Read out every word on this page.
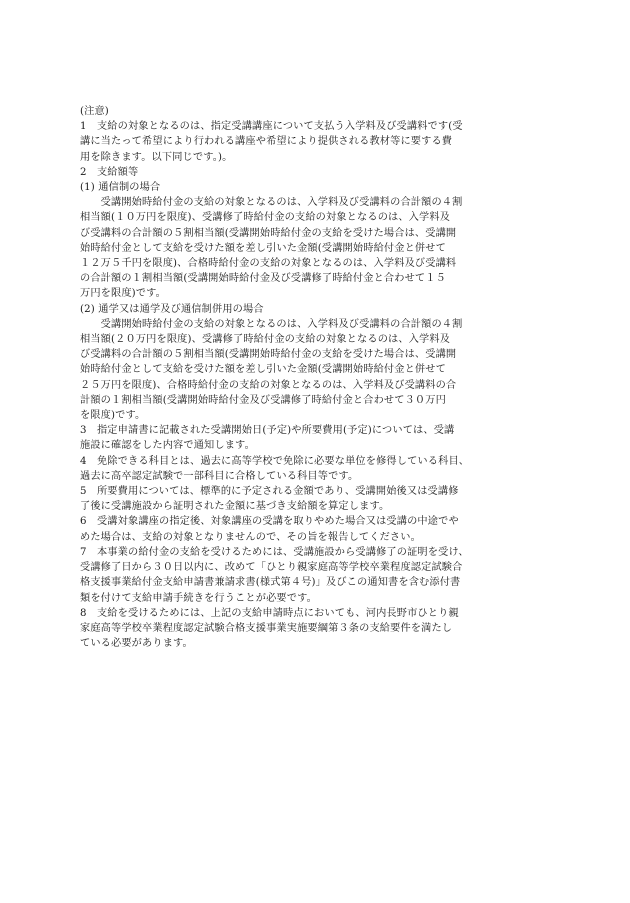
(注意)
1　支給の対象となるのは、指定受講講座について支払う入学料及び受講料です(受
講に当たって希望により行われる講座や希望により提供される教材等に要する費
用を除きます。以下同じです。)。
2　支給額等
(1) 通信制の場合
　　受講開始時給付金の支給の対象となるのは、入学料及び受講料の合計額の４割
相当額(１０万円を限度)、受講修了時給付金の支給の対象となるのは、入学料及
び受講料の合計額の５割相当額(受講開始時給付金の支給を受けた場合は、受講開
始時給付金として支給を受けた額を差し引いた金額(受講開始時給付金と併せて
１２万５千円を限度)、合格時給付金の支給の対象となるのは、入学料及び受講料
の合計額の１割相当額(受講開始時給付金及び受講修了時給付金と合わせて１５
万円を限度)です。
(2) 通学又は通学及び通信制併用の場合
　　受講開始時給付金の支給の対象となるのは、入学料及び受講料の合計額の４割
相当額(２０万円を限度)、受講修了時給付金の支給の対象となるのは、入学料及
び受講料の合計額の５割相当額(受講開始時給付金の支給を受けた場合は、受講開
始時給付金として支給を受けた額を差し引いた金額(受講開始時給付金と併せて
２５万円を限度)、合格時給付金の支給の対象となるのは、入学料及び受講料の合
計額の１割相当額(受講開始時給付金及び受講修了時給付金と合わせて３０万円
を限度)です。
3　指定申請書に記載された受講開始日(予定)や所要費用(予定)については、受講
施設に確認をした内容で通知します。
4　免除できる科目とは、過去に高等学校で免除に必要な単位を修得している科目、
過去に高卒認定試験で一部科目に合格している科目等です。
5　所要費用については、標準的に予定される金額であり、受講開始後又は受講修
了後に受講施設から証明された金額に基づき支給額を算定します。
6　受講対象講座の指定後、対象講座の受講を取りやめた場合又は受講の中途でや
めた場合は、支給の対象となりませんので、その旨を報告してください。
7　本事業の給付金の支給を受けるためには、受講施設から受講修了の証明を受け、
受講修了日から３０日以内に、改めて「ひとり親家庭高等学校卒業程度認定試験合
格支援事業給付金支給申請書兼請求書(様式第４号)」及びこの通知書を含む添付書
類を付けて支給申請手続きを行うことが必要です。
8　支給を受けるためには、上記の支給申請時点においても、河内長野市ひとり親
家庭高等学校卒業程度認定試験合格支援事業実施要綱第３条の支給要件を満たし
ている必要があります。
